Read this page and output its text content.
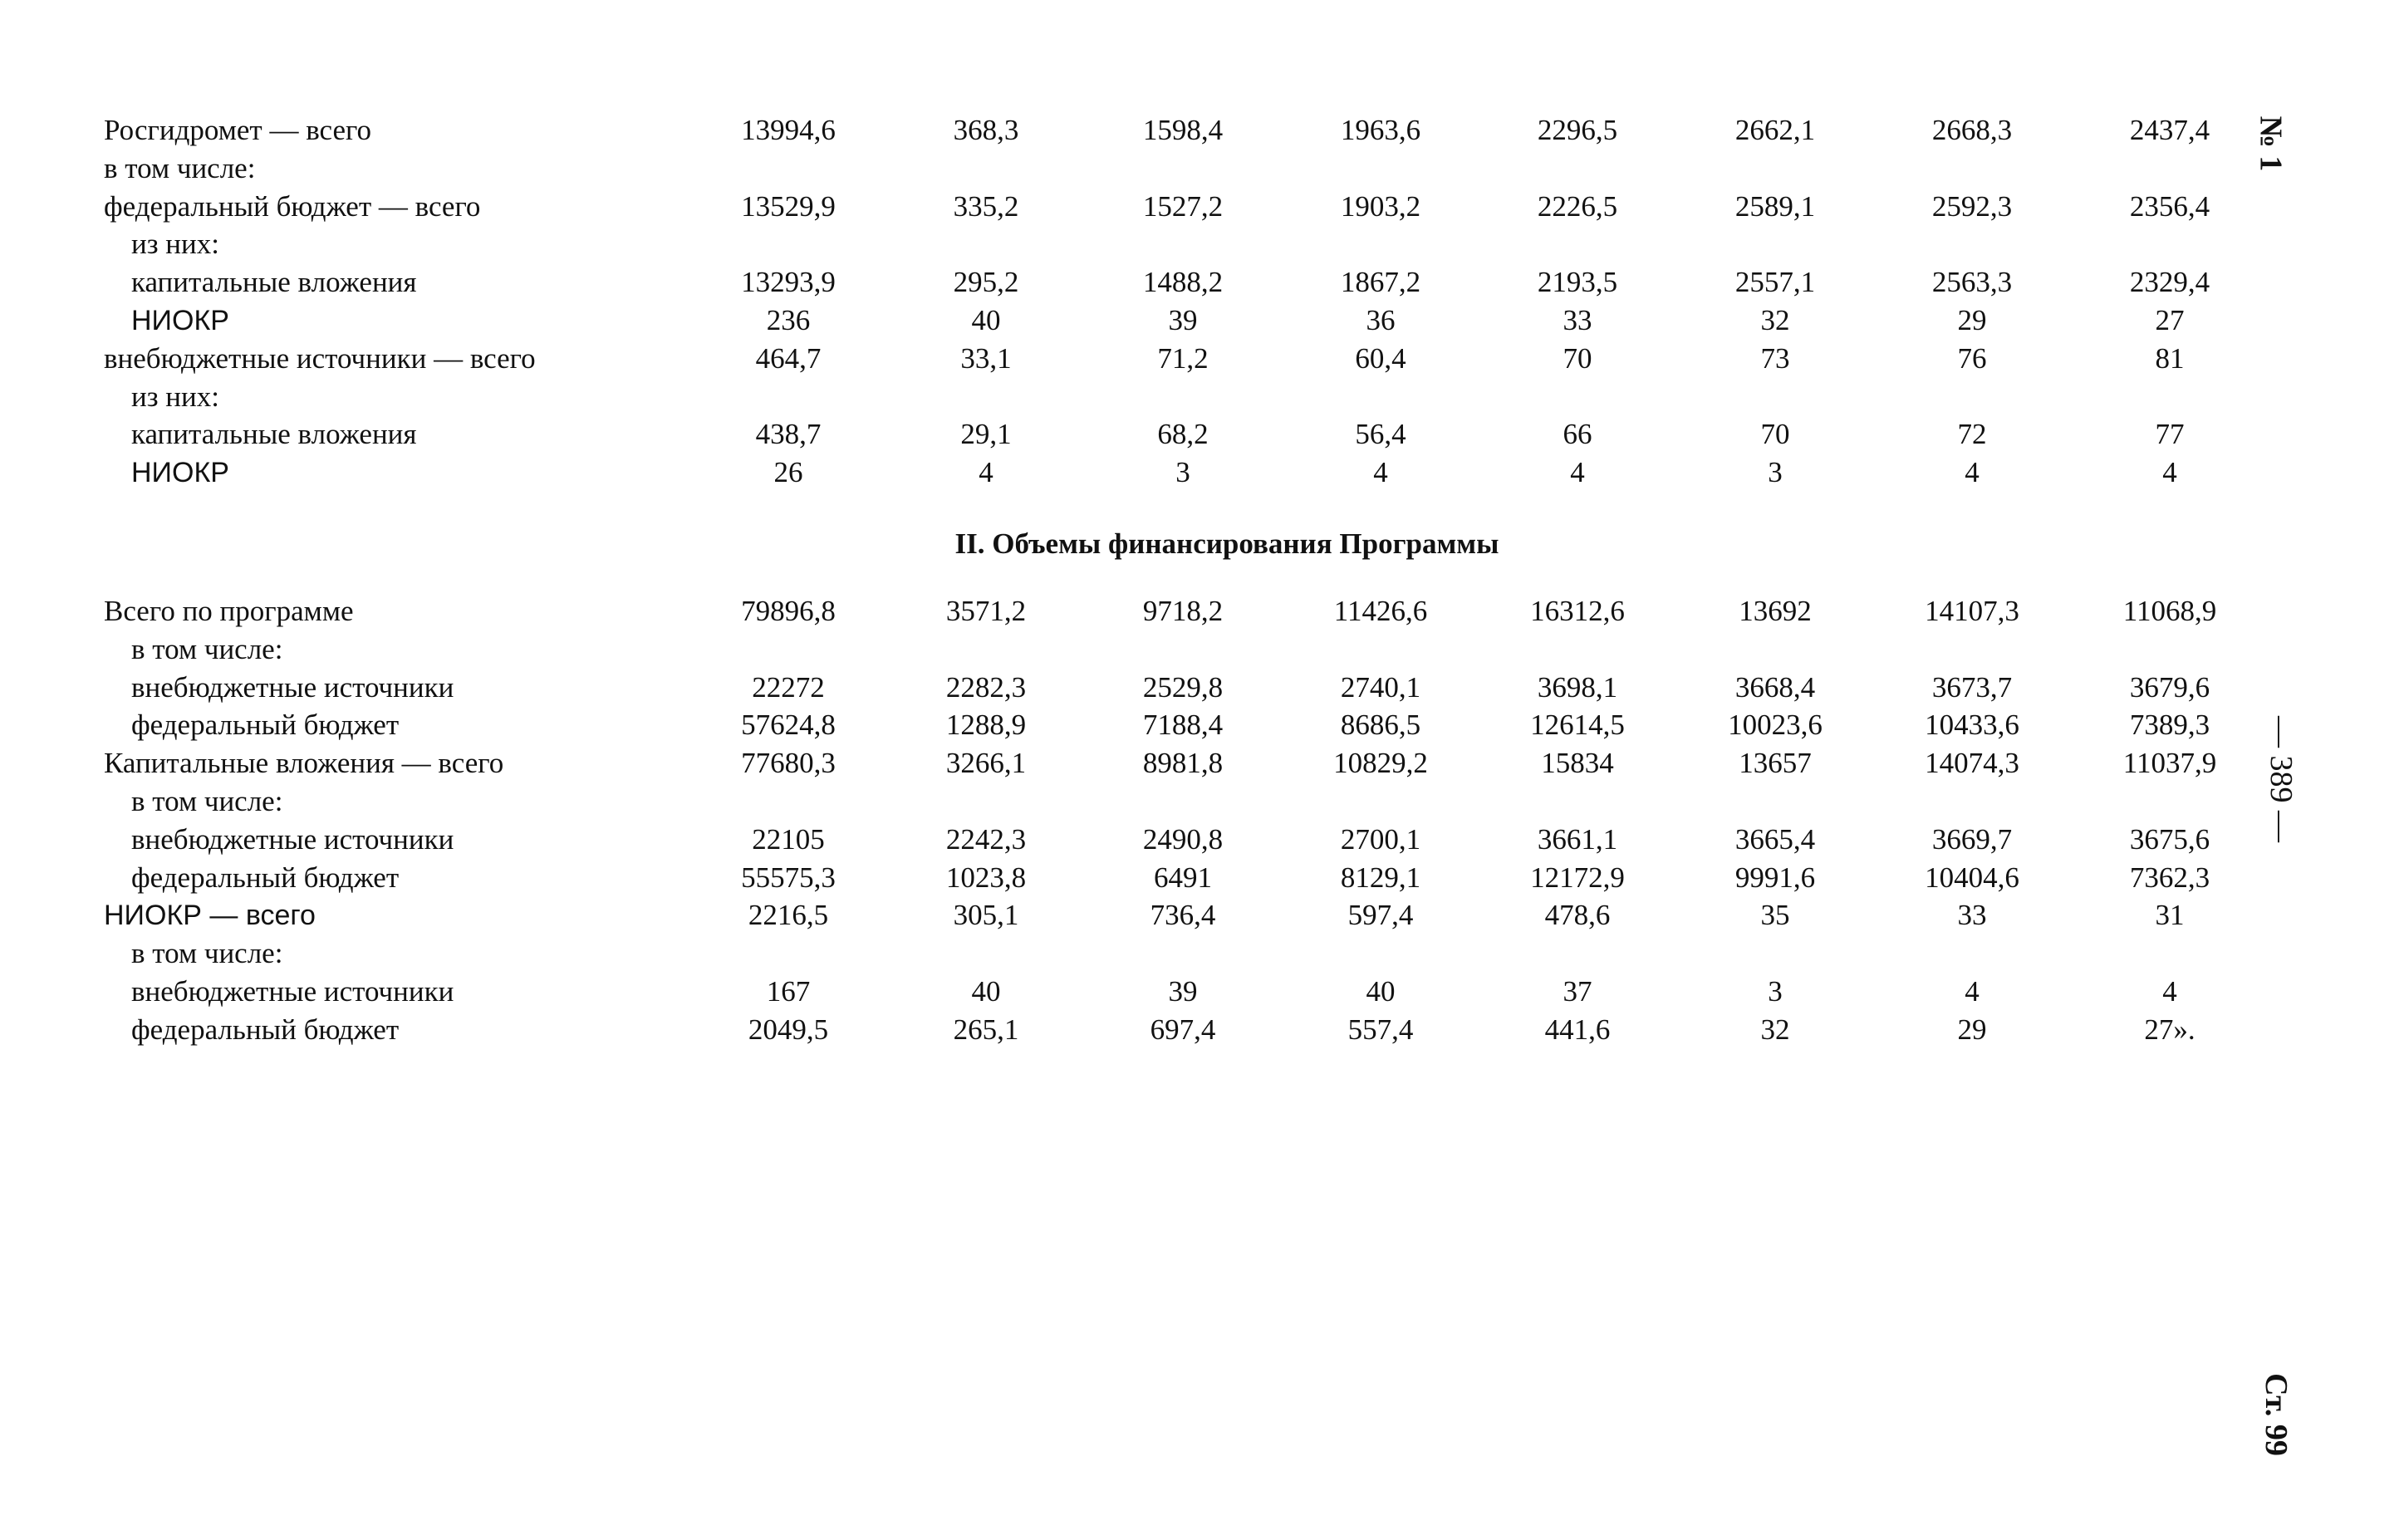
Росгидромет — всего	13994,6	368,3	1598,4	1963,6	2296,5	2662,1	2668,3	2437,4
в том числе:
федеральный бюджет — всего	13529,9	335,2	1527,2	1903,2	2226,5	2589,1	2592,3	2356,4
из них:
капитальные вложения	13293,9	295,2	1488,2	1867,2	2193,5	2557,1	2563,3	2329,4
НИОКР	236	40	39	36	33	32	29	27
внебюджетные источники — всего	464,7	33,1	71,2	60,4	70	73	76	81
из них:
капитальные вложения	438,7	29,1	68,2	56,4	66	70	72	77
НИОКР	26	4	3	4	4	3	4	4
II. Объемы финансирования Программы
Всего по программе	79896,8	3571,2	9718,2	11426,6	16312,6	13692	14107,3	11068,9
в том числе:
внебюджетные источники	22272	2282,3	2529,8	2740,1	3698,1	3668,4	3673,7	3679,6
федеральный бюджет	57624,8	1288,9	7188,4	8686,5	12614,5	10023,6	10433,6	7389,3
Капитальные вложения — всего	77680,3	3266,1	8981,8	10829,2	15834	13657	14074,3	11037,9
в том числе:
внебюджетные источники	22105	2242,3	2490,8	2700,1	3661,1	3665,4	3669,7	3675,6
федеральный бюджет	55575,3	1023,8	6491	8129,1	12172,9	9991,6	10404,6	7362,3
НИОКР — всего	2216,5	305,1	736,4	597,4	478,6	35	33	31
в том числе:
внебюджетные источники	167	40	39	40	37	3	4	4
федеральный бюджет	2049,5	265,1	697,4	557,4	441,6	32	29	27».
№ 1
— 389 —
Ст. 99
